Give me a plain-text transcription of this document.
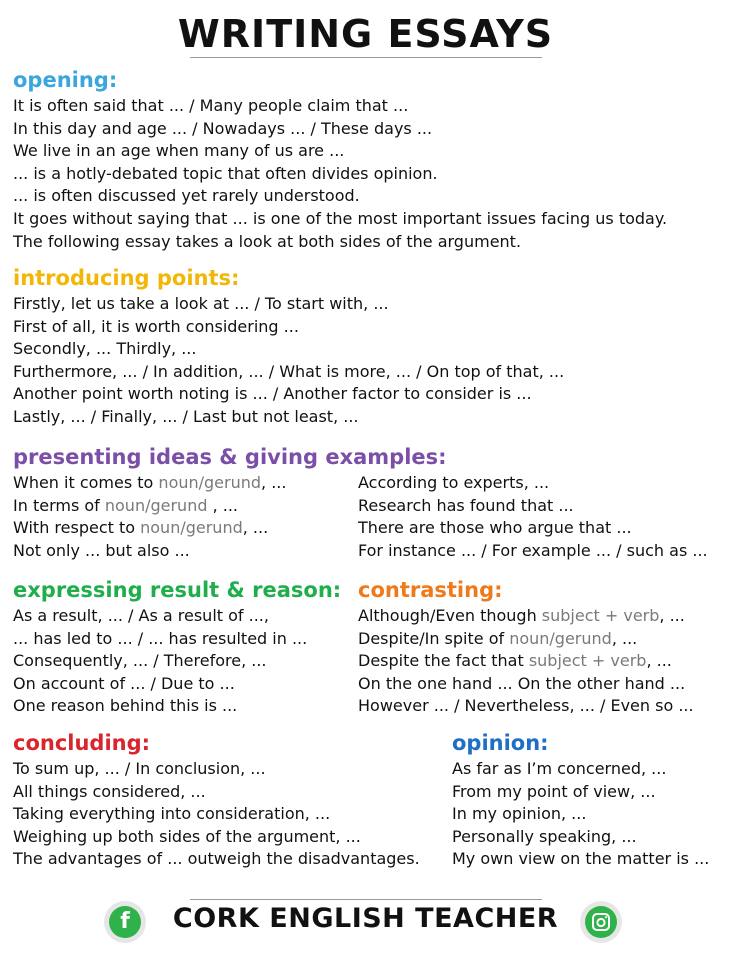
WRITING ESSAYS
opening:
It is often said that ... / Many people claim that ...
In this day and age ... / Nowadays ... / These days ...
We live in an age when many of us are ...
... is a hotly-debated topic that often divides opinion.
... is often discussed yet rarely understood.
It goes without saying that ... is one of the most important issues facing us today.
The following essay takes a look at both sides of the argument.
introducing points:
Firstly, let us take a look at ... / To start with, ...
First of all, it is worth considering ...
Secondly, ... Thirdly, ...
Furthermore, ... / In addition, ... / What is more, ... / On top of that, ...
Another point worth noting is ... / Another factor to consider is ...
Lastly, ... / Finally, ... / Last but not least, ...
presenting ideas & giving examples:
When it comes to noun/gerund, ...
In terms of noun/gerund , ...
With respect to noun/gerund, ...
Not only ... but also ...
According to experts, ...
Research has found that ...
There are those who argue that ...
For instance ... / For example ... / such as ...
expressing result & reason:
As a result, ... / As a result of ...,
... has led to ... / ... has resulted in ...
Consequently, ... / Therefore, ...
On account of ... / Due to ...
One reason behind this is ...
contrasting:
Although/Even though subject + verb, ...
Despite/In spite of noun/gerund, ...
Despite the fact that subject + verb, ...
On the one hand ... On the other hand ...
However ... / Nevertheless, ... / Even so ...
concluding:
To sum up, ... / In conclusion, ...
All things considered, ...
Taking everything into consideration, ...
Weighing up both sides of the argument, ...
The advantages of ... outweigh the disadvantages.
opinion:
As far as I’m concerned, ...
From my point of view, ...
In my opinion, ...
Personally speaking, ...
My own view on the matter is ...
f	CORK ENGLISH TEACHER
